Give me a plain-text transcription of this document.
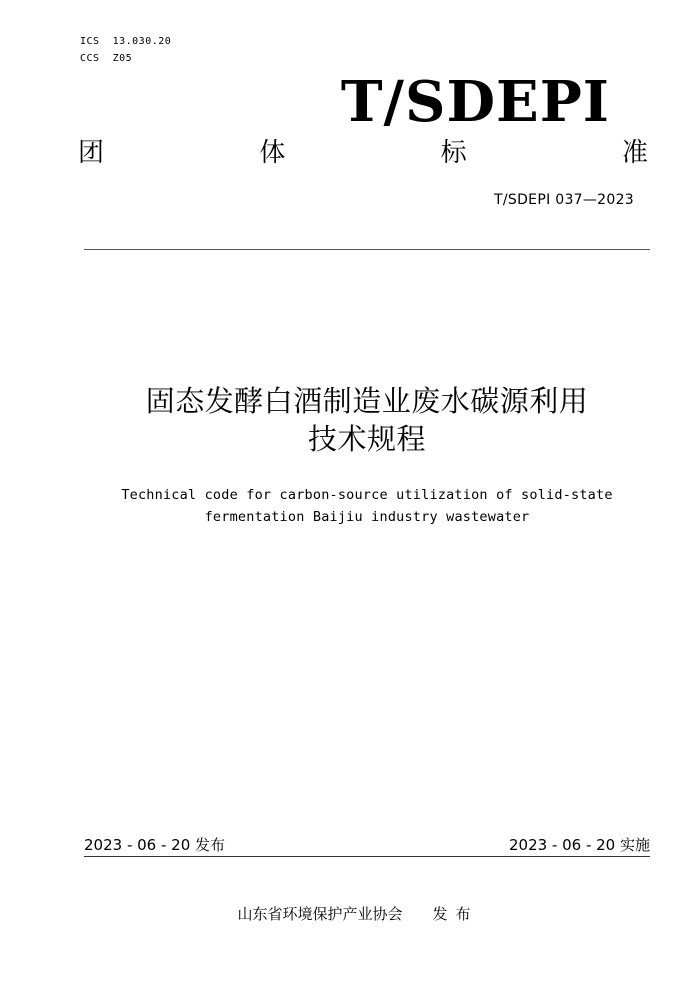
ICS  13.030.20
CCS  Z05
T/SDEPI
团	体	标	准
T/SDEPI 037—2023
固态发酵白酒制造业废水碳源利用
技术规程
Technical code for carbon-source utilization of solid-state
fermentation Baijiu industry wastewater
2023 - 06 - 20 发布	2023 - 06 - 20 实施
山东省环境保护产业协会 发布
